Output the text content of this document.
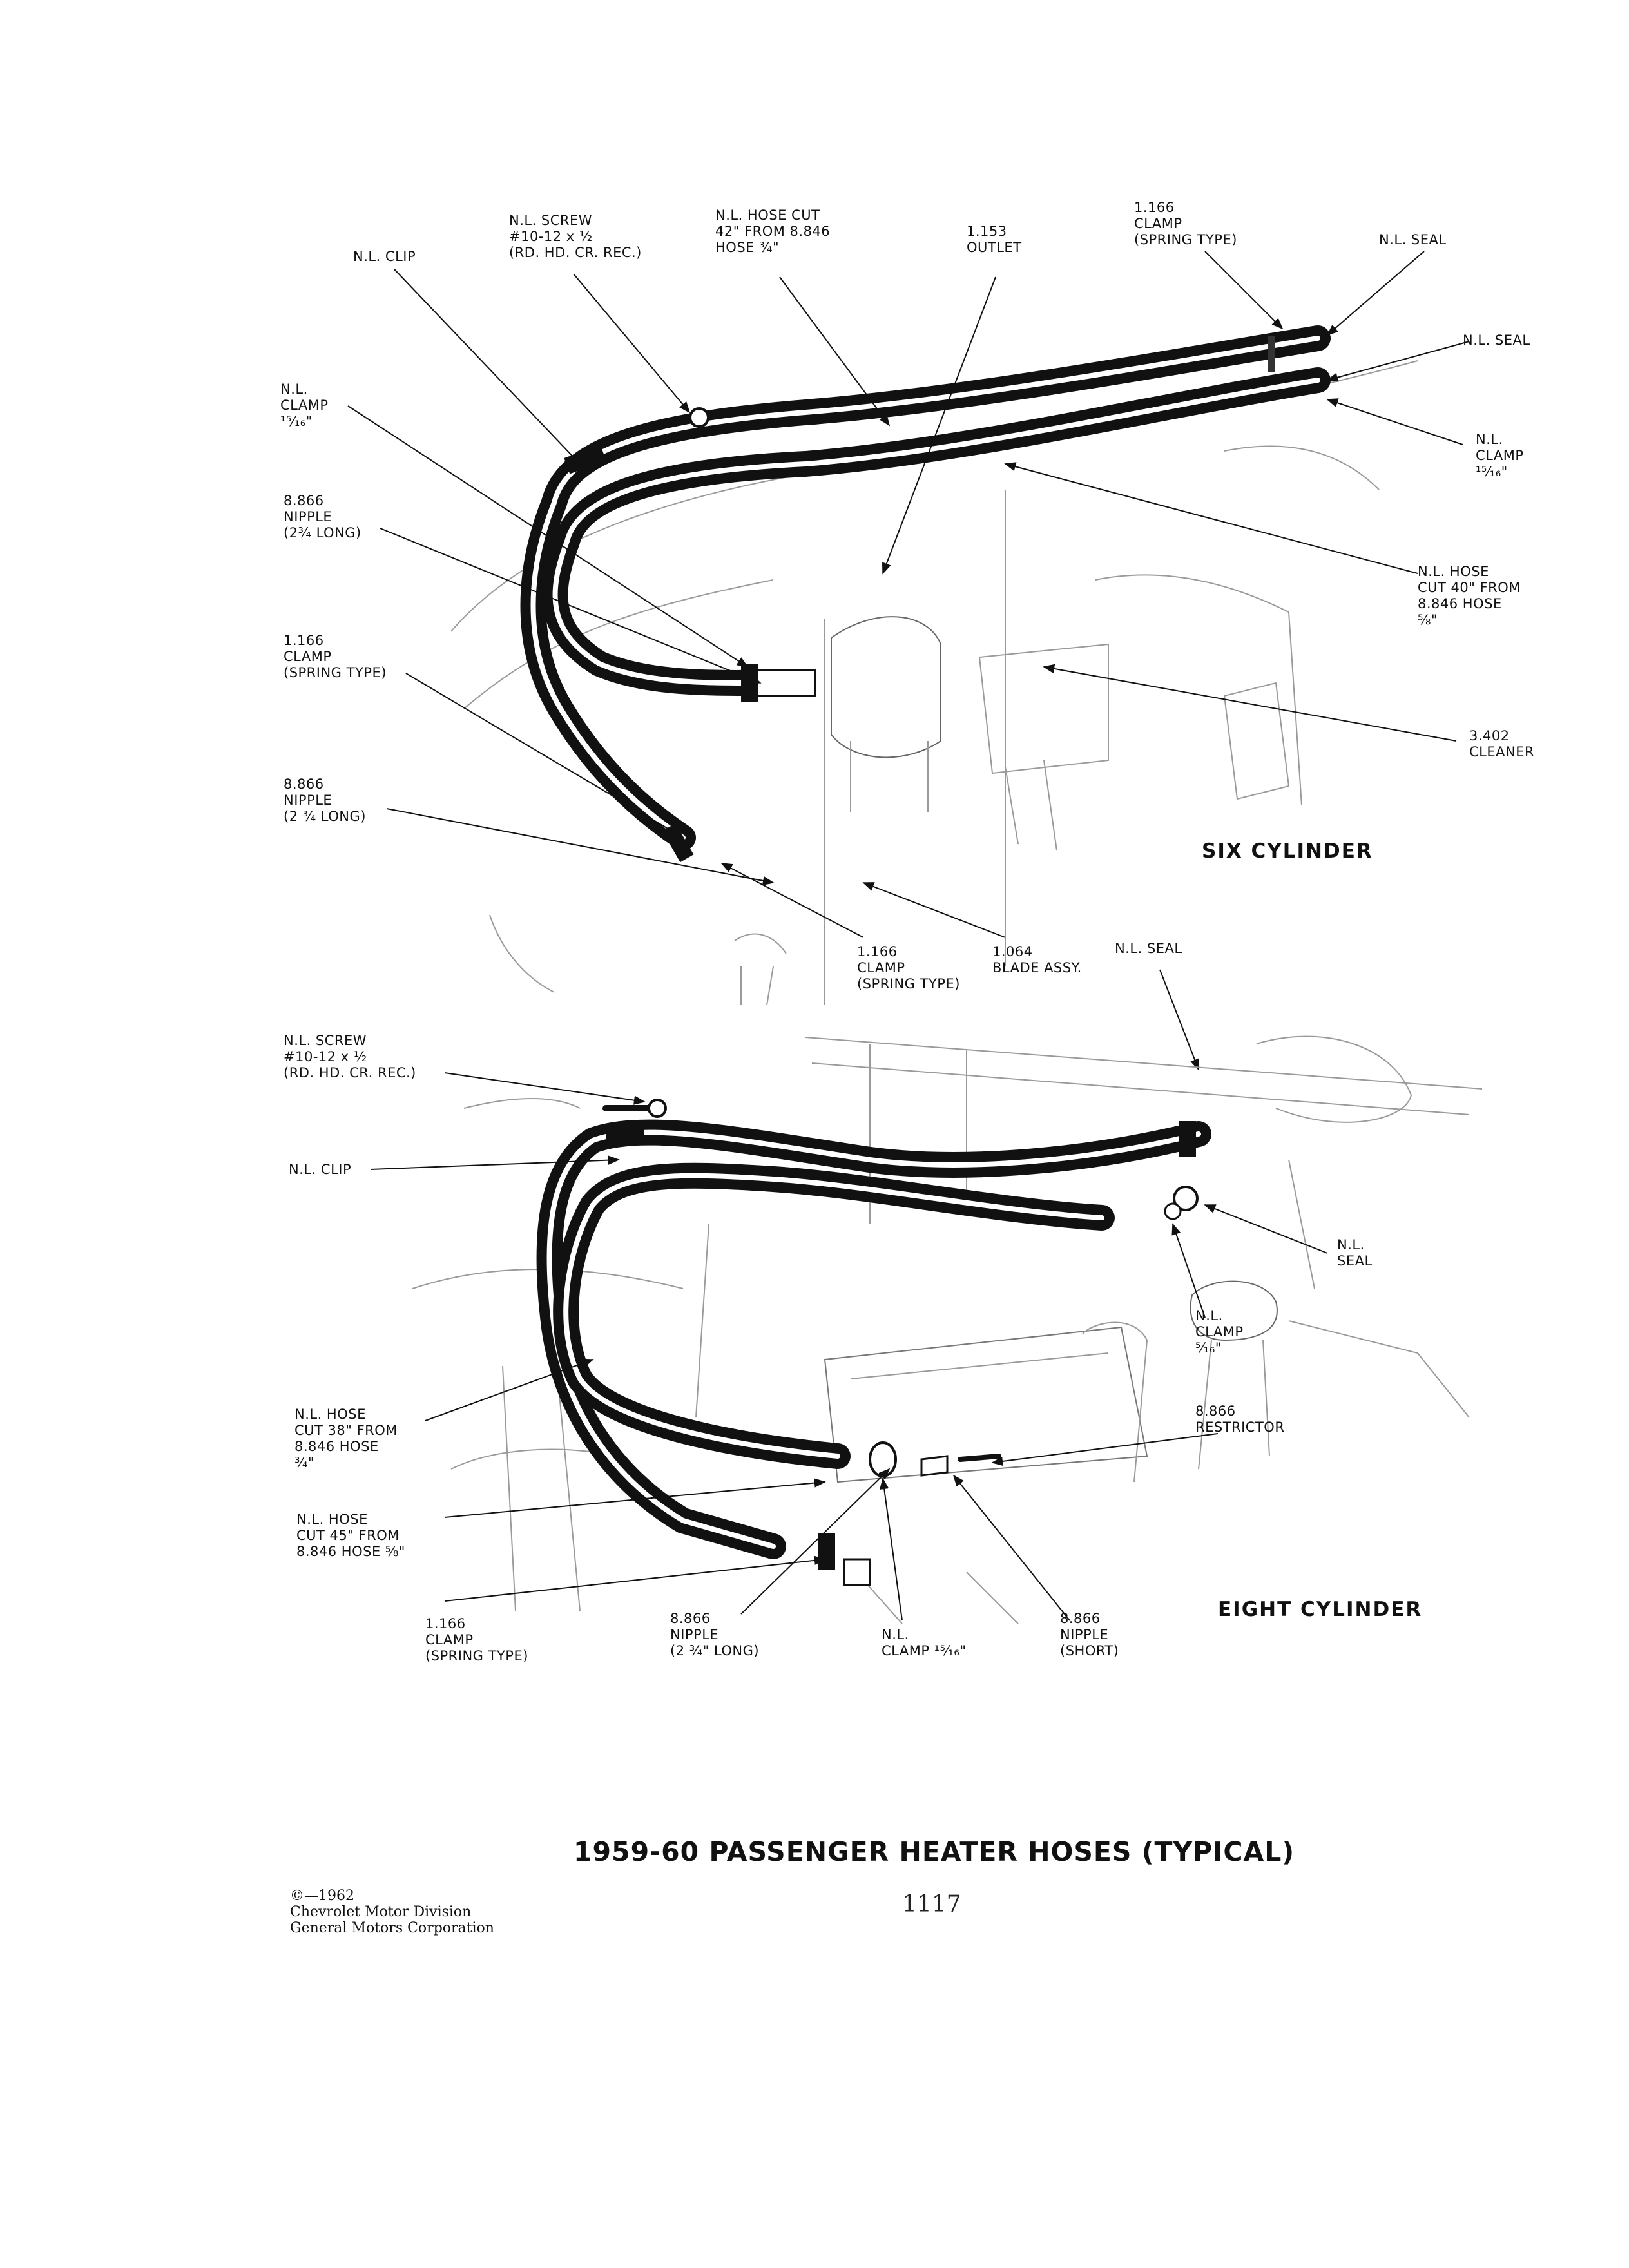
N.L. CLIP
N.L. SCREW
#10-12 x ½
(RD. HD. CR. REC.)
N.L. HOSE CUT
42" FROM 8.846
HOSE ¾"
1.153
OUTLET
1.166
CLAMP
(SPRING TYPE)	N.L. SEAL
N.L. SEAL
N.L.
CLAMP
¹⁵⁄₁₆"
N.L. HOSE
CUT 40" FROM
8.846 HOSE
⅝"
3.402
CLEANER
N.L.
CLAMP
¹⁵⁄₁₆"
8.866
NIPPLE
(2¾ LONG)
1.166
CLAMP
(SPRING TYPE)
8.866
NIPPLE
(2 ¾ LONG)
1.166
CLAMP
(SPRING TYPE)
1.064
BLADE ASSY.
N.L. SEAL
SIX CYLINDER
N.L. SCREW
#10-12 x ½
(RD. HD. CR. REC.)
N.L. CLIP
N.L.
SEAL
N.L.
CLAMP
⁵⁄₁₆"
8.866
RESTRICTOR
N.L. HOSE
CUT 38" FROM
8.846 HOSE
¾"
N.L. HOSE
CUT 45" FROM
8.846 HOSE ⅝"
1.166
CLAMP
(SPRING TYPE)
8.866
NIPPLE
(2 ¾" LONG)
N.L.
CLAMP ¹⁵⁄₁₆"
8.866
NIPPLE
(SHORT)
EIGHT CYLINDER
1959-60 PASSENGER HEATER HOSES (TYPICAL)
©—1962
Chevrolet Motor Division
General Motors Corporation
1117
